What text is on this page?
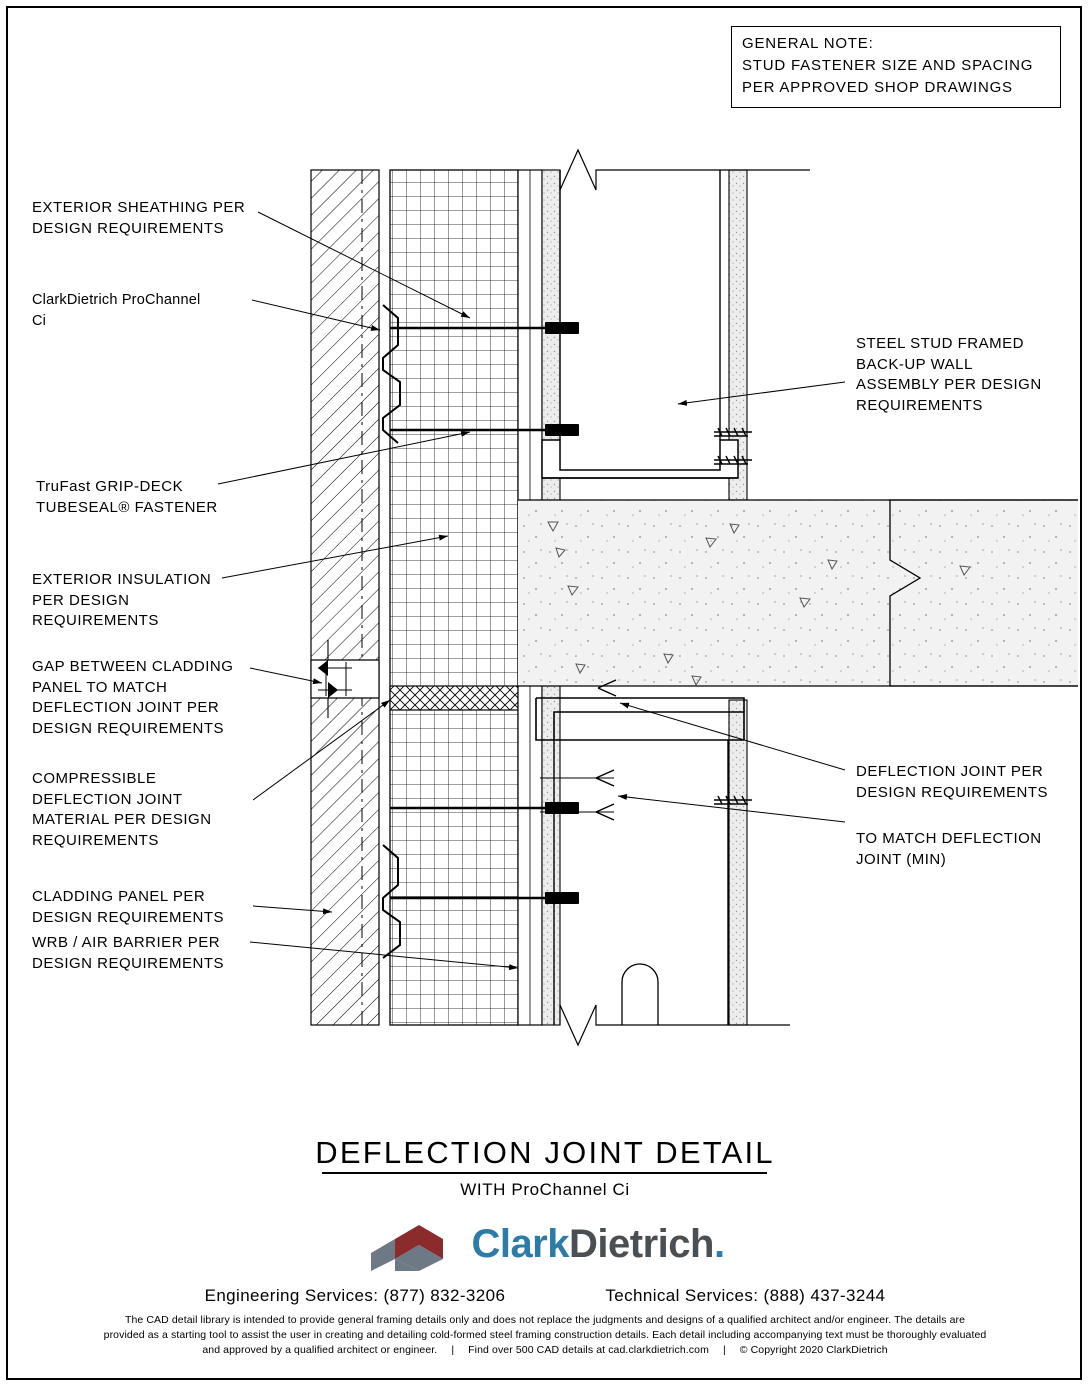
GENERAL NOTE:
STUD FASTENER SIZE AND SPACING
PER APPROVED SHOP DRAWINGS
EXTERIOR SHEATHING PER
DESIGN REQUIREMENTS
ClarkDietrich ProChannel
Ci
TruFast GRIP-DECK
TUBESEAL® FASTENER
EXTERIOR INSULATION
PER DESIGN
REQUIREMENTS
GAP BETWEEN CLADDING
PANEL TO MATCH
DEFLECTION JOINT PER
DESIGN REQUIREMENTS
COMPRESSIBLE
DEFLECTION JOINT
MATERIAL PER DESIGN
REQUIREMENTS
CLADDING PANEL PER
DESIGN REQUIREMENTS
WRB / AIR BARRIER PER
DESIGN REQUIREMENTS
STEEL STUD FRAMED
BACK-UP WALL
ASSEMBLY PER DESIGN
REQUIREMENTS
DEFLECTION JOINT PER
DESIGN REQUIREMENTS
TO MATCH DEFLECTION
JOINT (MIN)
DEFLECTION JOINT DETAIL
WITH ProChannel Ci
ClarkDietrich.
Engineering Services: (877) 832-3206	Technical Services: (888) 437-3244
The CAD detail library is intended to provide general framing details only and does not replace the judgments and designs of a qualified architect and/or engineer. The details are
provided as a starting tool to assist the user in creating and detailing cold-formed steel framing construction details. Each detail including accompanying text must be thoroughly evaluated
and approved by a qualified architect or engineer. | Find over 500 CAD details at cad.clarkdietrich.com | © Copyright 2020 ClarkDietrich
